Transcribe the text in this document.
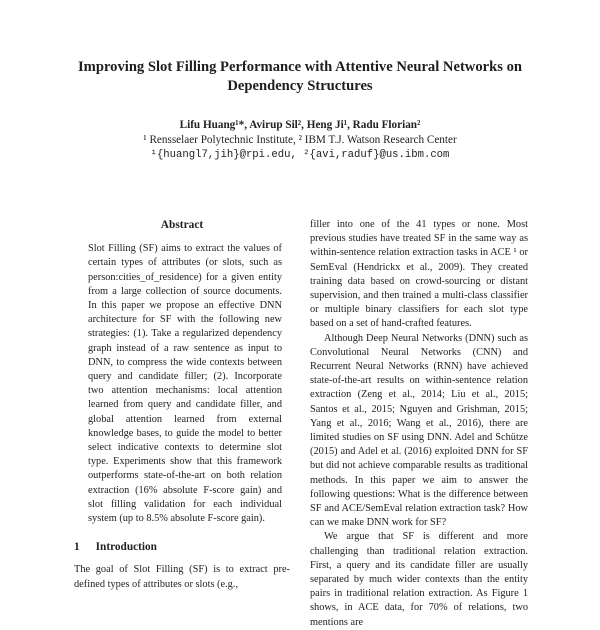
Improving Slot Filling Performance with Attentive Neural Networks on
Dependency Structures
Lifu Huang¹*, Avirup Sil², Heng Ji¹, Radu Florian²
¹ Rensselaer Polytechnic Institute, ² IBM T.J. Watson Research Center
¹{huangl7,jih}@rpi.edu, ²{avi,raduf}@us.ibm.com
Abstract

Slot Filling (SF) aims to extract the values of certain types of attributes (or slots, such as person:cities_of_residence) for a given entity from a large collection of source documents. In this paper we propose an effective DNN architecture for SF with the following new strategies: (1). Take a regularized dependency graph instead of a raw sentence as input to DNN, to compress the wide contexts between query and candidate filler; (2). Incorporate two attention mechanisms: local attention learned from query and candidate filler, and global attention learned from external knowledge bases, to guide the model to better select indicative contexts to determine slot type. Experiments show that this framework outperforms state-of-the-art on both relation extraction (16% absolute F-score gain) and slot filling validation for each individual system (up to 8.5% absolute F-score gain).

1 Introduction

The goal of Slot Filling (SF) is to extract pre-defined types of attributes or slots (e.g.,

filler into one of the 41 types or none. Most previous studies have treated SF in the same way as within-sentence relation extraction tasks in ACE ¹ or SemEval (Hendrickx et al., 2009). They created training data based on crowd-sourcing or distant supervision, and then trained a multi-class classifier or multiple binary classifiers for each slot type based on a set of hand-crafted features.

Although Deep Neural Networks (DNN) such as Convolutional Neural Networks (CNN) and Recurrent Neural Networks (RNN) have achieved state-of-the-art results on within-sentence relation extraction (Zeng et al., 2014; Liu et al., 2015; Santos et al., 2015; Nguyen and Grishman, 2015; Yang et al., 2016; Wang et al., 2016), there are limited studies on SF using DNN. Adel and Schütze (2015) and Adel et al. (2016) exploited DNN for SF but did not achieve comparable results as traditional methods. In this paper we aim to answer the following questions: What is the difference between SF and ACE/SemEval relation extraction task? How can we make DNN work for SF?

We argue that SF is different and more challenging than traditional relation extraction. First, a query and its candidate filler are usually separated by much wider contexts than the entity pairs in traditional relation extraction. As Figure 1 shows, in ACE data, for 70% of relations, two mentions are
